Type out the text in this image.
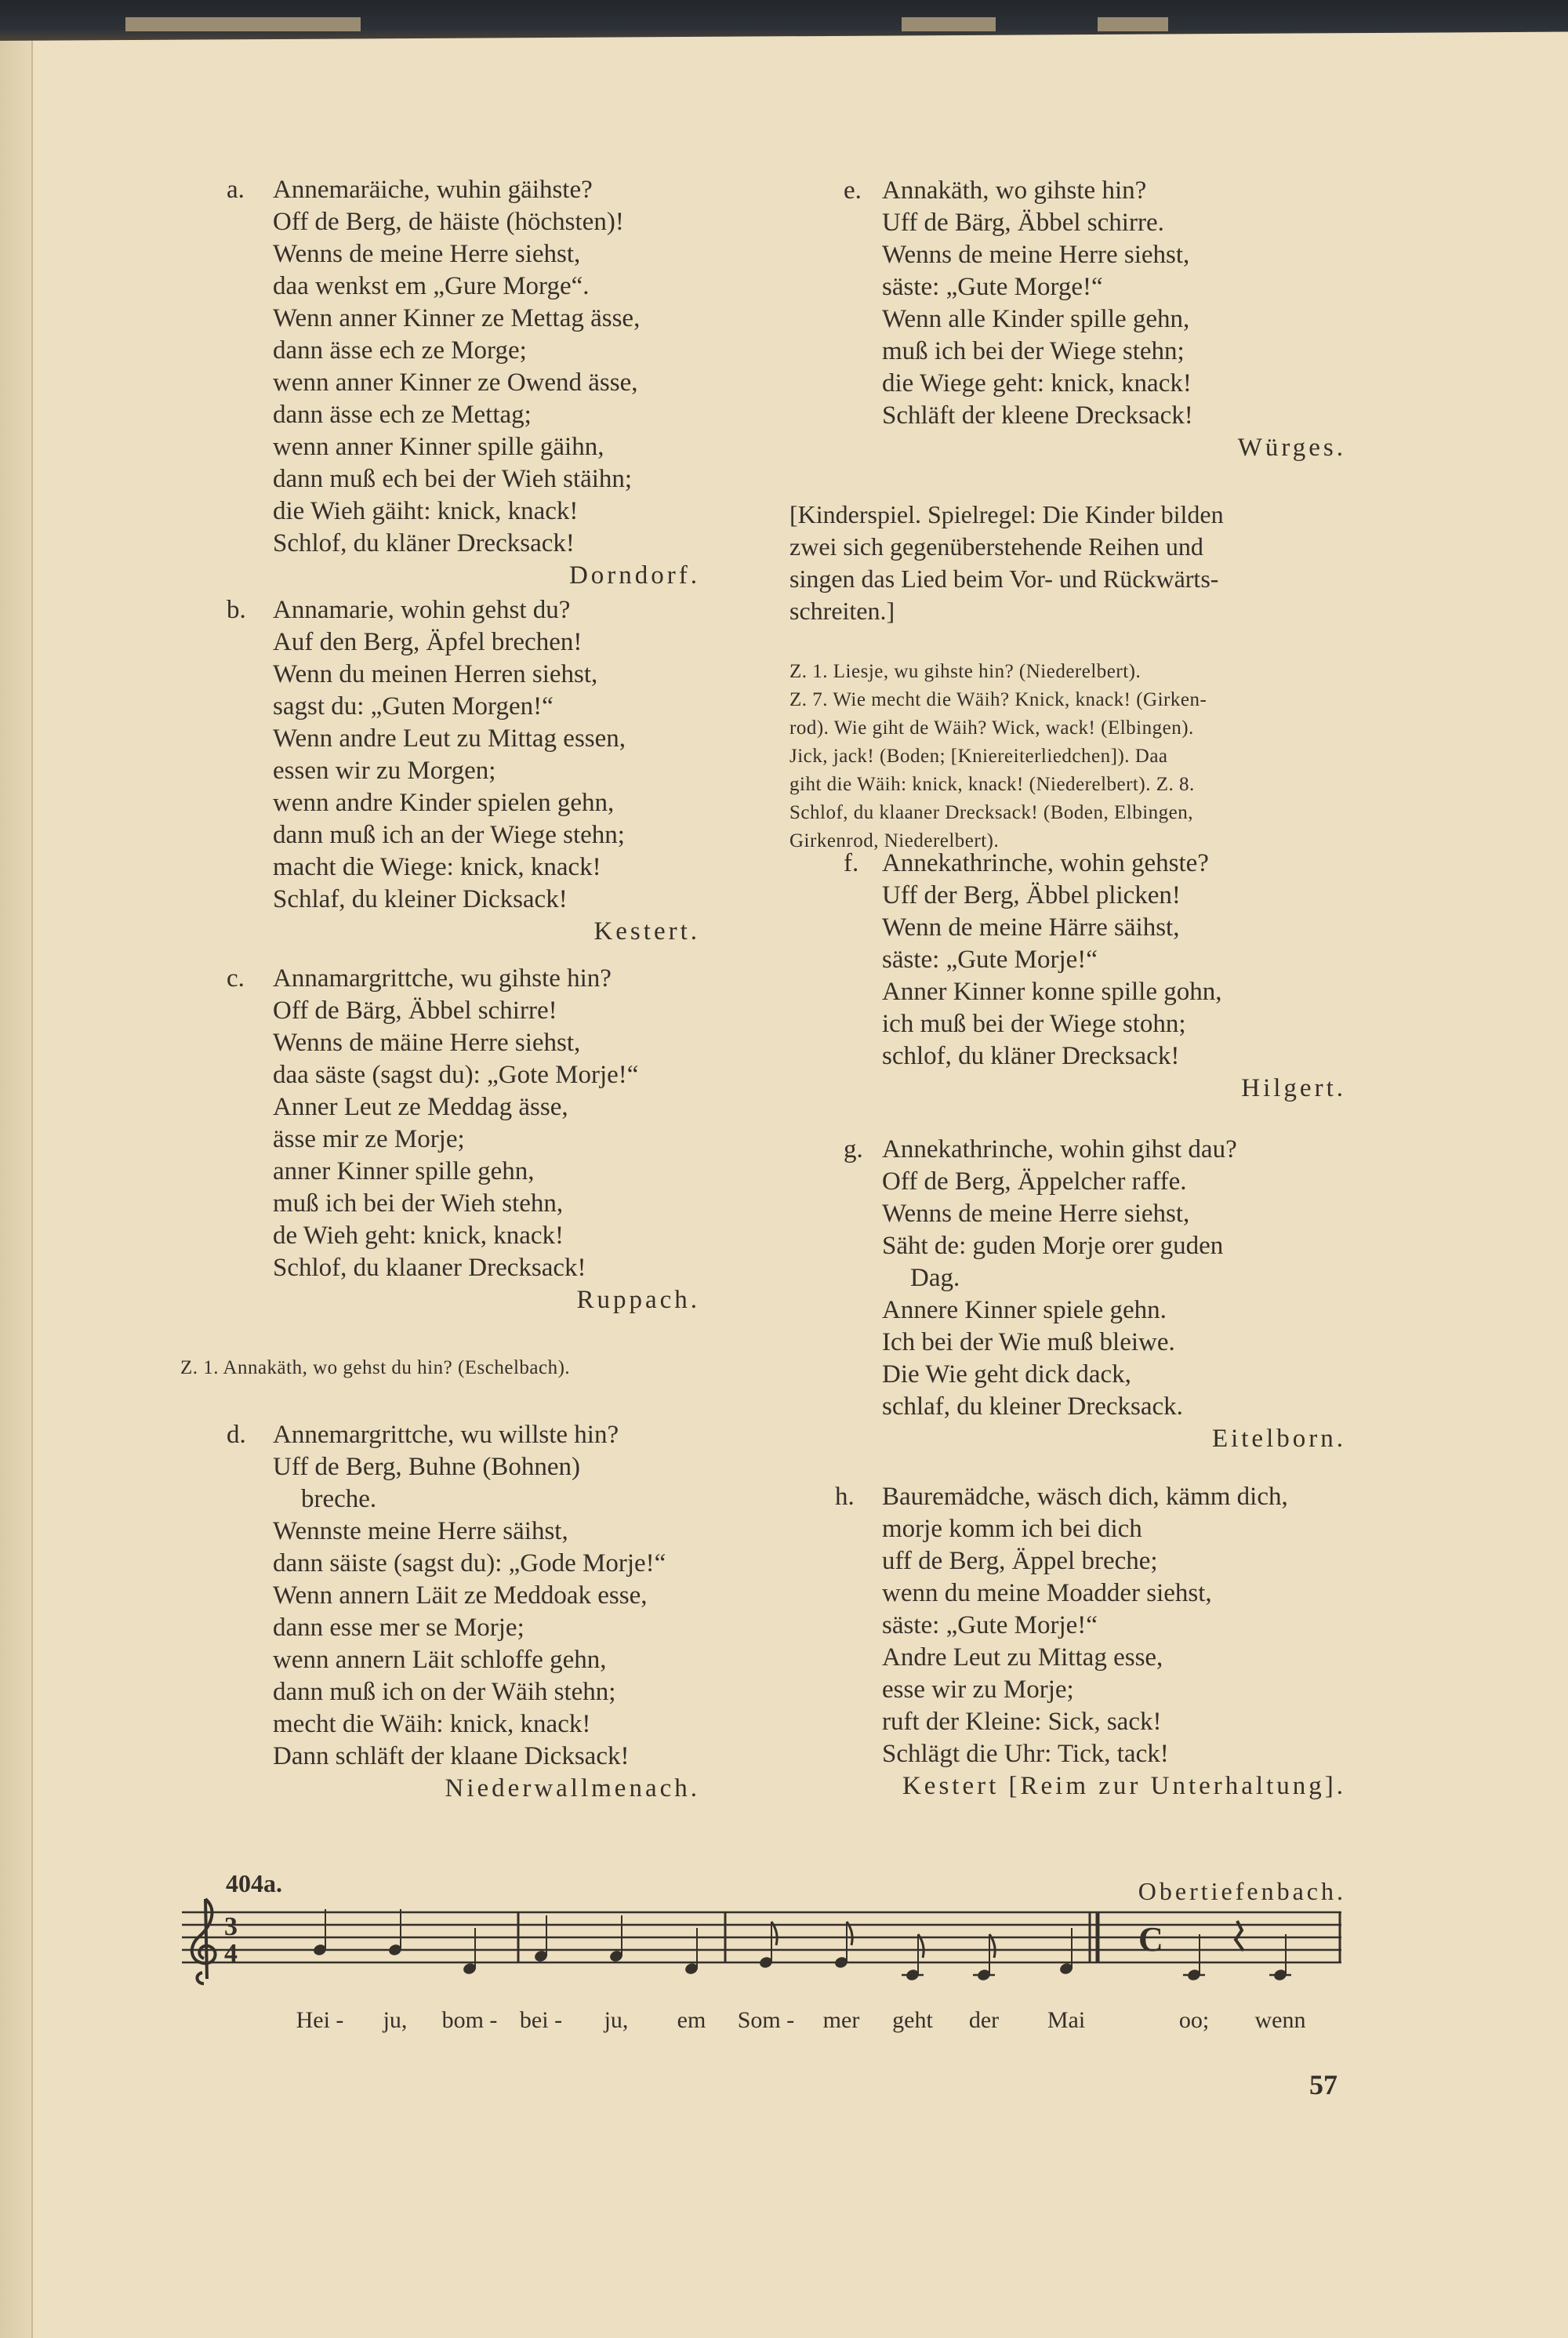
a. Annemaräiche, wuhin gäihste?
Off de Berg, de häiste (höchsten)!
Wenns de meine Herre siehst,
daa wenkst em „Gure Morge“.
Wenn anner Kinner ze Mettag ässe,
dann ässe ech ze Morge;
wenn anner Kinner ze Owend ässe,
dann ässe ech ze Mettag;
wenn anner Kinner spille gäihn,
dann muß ech bei der Wieh stäihn;
die Wieh gäiht: knick, knack!
Schlof, du kläner Drecksack!
Dorndorf.
b. Annamarie, wohin gehst du?
Auf den Berg, Äpfel brechen!
Wenn du meinen Herren siehst,
sagst du: „Guten Morgen!“
Wenn andre Leut zu Mittag essen,
essen wir zu Morgen;
wenn andre Kinder spielen gehn,
dann muß ich an der Wiege stehn;
macht die Wiege: knick, knack!
Schlaf, du kleiner Dicksack!
Kestert.
c. Annamargrittche, wu gihste hin?
Off de Bärg, Äbbel schirre!
Wenns de mäine Herre siehst,
daa säste (sagst du): „Gote Morje!“
Anner Leut ze Meddag ässe,
ässe mir ze Morje;
anner Kinner spille gehn,
muß ich bei der Wieh stehn,
de Wieh geht: knick, knack!
Schlof, du klaaner Drecksack!
Ruppach.
Z. 1. Annakäth, wo gehst du hin? (Eschelbach).
d. Annemargrittche, wu willste hin?
Uff de Berg, Buhne (Bohnen)
breche.
Wennste meine Herre säihst,
dann säiste (sagst du): „Gode Morje!“
Wenn annern Läit ze Meddoak esse,
dann esse mer se Morje;
wenn annern Läit schloffe gehn,
dann muß ich on der Wäih stehn;
mecht die Wäih: knick, knack!
Dann schläft der klaane Dicksack!
Niederwallmenach.
e. Annakäth, wo gihste hin?
Uff de Bärg, Äbbel schirre.
Wenns de meine Herre siehst,
säste: „Gute Morge!“
Wenn alle Kinder spille gehn,
muß ich bei der Wiege stehn;
die Wiege geht: knick, knack!
Schläft der kleene Drecksack!
Würges.
[Kinderspiel. Spielregel: Die Kinder bilden
zwei sich gegenüberstehende Reihen und
singen das Lied beim Vor- und Rückwärts-
schreiten.]
Z. 1. Liesje, wu gihste hin? (Niederelbert).
Z. 7. Wie mecht die Wäih? Knick, knack! (Girken-
rod). Wie giht de Wäih? Wick, wack! (Elbingen).
Jick, jack! (Boden; [Kniereiterliedchen]). Daa
giht die Wäih: knick, knack! (Niederelbert). Z. 8.
Schlof, du klaaner Drecksack! (Boden, Elbingen,
Girkenrod, Niederelbert).
f. Annekathrinche, wohin gehste?
Uff der Berg, Äbbel plicken!
Wenn de meine Härre säihst,
säste: „Gute Morje!“
Anner Kinner konne spille gohn,
ich muß bei der Wiege stohn;
schlof, du kläner Drecksack!
Hilgert.
g. Annekathrinche, wohin gihst dau?
Off de Berg, Äppelcher raffe.
Wenns de meine Herre siehst,
Säht de: guden Morje orer guden
Dag.
Annere Kinner spiele gehn.
Ich bei der Wie muß bleiwe.
Die Wie geht dick dack,
schlaf, du kleiner Drecksack.
Eitelborn.
h. Bauremädche, wäsch dich, kämm dich,
morje komm ich bei dich
uff de Berg, Äppel breche;
wenn du meine Moadder siehst,
säste: „Gute Morje!“
Andre Leut zu Mittag esse,
esse wir zu Morje;
ruft der Kleine: Sick, sack!
Schlägt die Uhr: Tick, tack!
Kestert [Reim zur Unterhaltung].
404a.	Obertiefenbach.
3
4	C
Hei - ju, bom - bei - ju, em Som - mer geht der Mai	oo; wenn
57
